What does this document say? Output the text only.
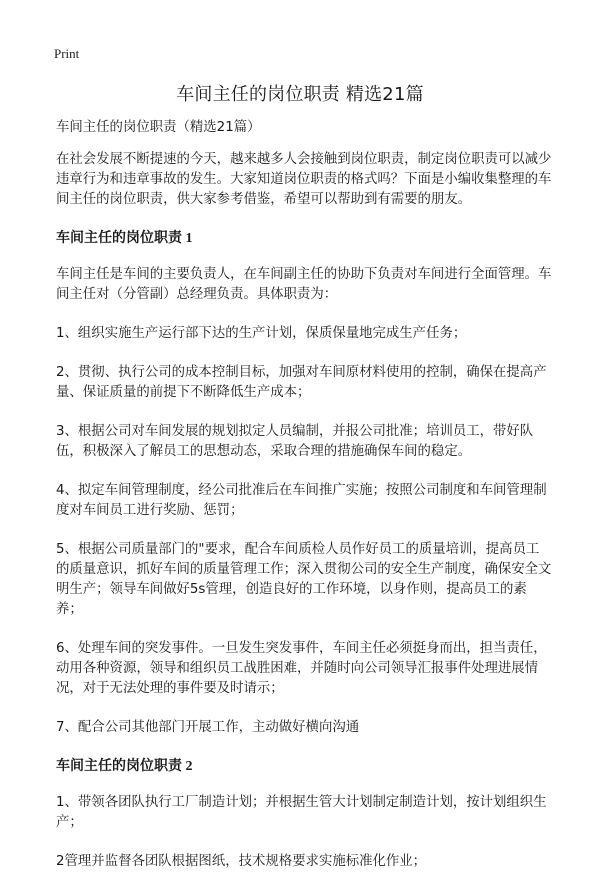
Print
车间主任的岗位职责 精选21篇

车间主任的岗位职责（精选21篇）

在社会发展不断提速的今天，越来越多人会接触到岗位职责，制定岗位职责可以减少违章行为和违章事故的发生。大家知道岗位职责的格式吗？下面是小编收集整理的车间主任的岗位职责，供大家参考借鉴，希望可以帮助到有需要的朋友。

车间主任的岗位职责 1

车间主任是车间的主要负责人，在车间副主任的协助下负责对车间进行全面管理。车间主任对（分管副）总经理负责。具体职责为：

1、组织实施生产运行部下达的生产计划，保质保量地完成生产任务；

2、贯彻、执行公司的成本控制目标，加强对车间原材料使用的控制，确保在提高产量、保证质量的前提下不断降低生产成本；

3、根据公司对车间发展的规划拟定人员编制，并报公司批准；培训员工，带好队伍，积极深入了解员工的思想动态，采取合理的措施确保车间的稳定。

4、拟定车间管理制度，经公司批准后在车间推广实施；按照公司制度和车间管理制度对车间员工进行奖励、惩罚；

5、根据公司质量部门的"要求，配合车间质检人员作好员工的质量培训，提高员工的质量意识，抓好车间的质量管理工作；深入贯彻公司的安全生产制度，确保安全文明生产；领导车间做好5s管理，创造良好的工作环境，以身作则，提高员工的素养；

6、处理车间的突发事件。一旦发生突发事件，车间主任必须挺身而出，担当责任，动用各种资源，领导和组织员工战胜困难，并随时向公司领导汇报事件处理进展情况，对于无法处理的事件要及时请示；

7、配合公司其他部门开展工作，主动做好横向沟通

车间主任的岗位职责 2

1、带领各团队执行工厂制造计划；并根据生管大计划制定制造计划，按计划组织生产；

2管理并监督各团队根据图纸，技术规格要求实施标准化作业；
